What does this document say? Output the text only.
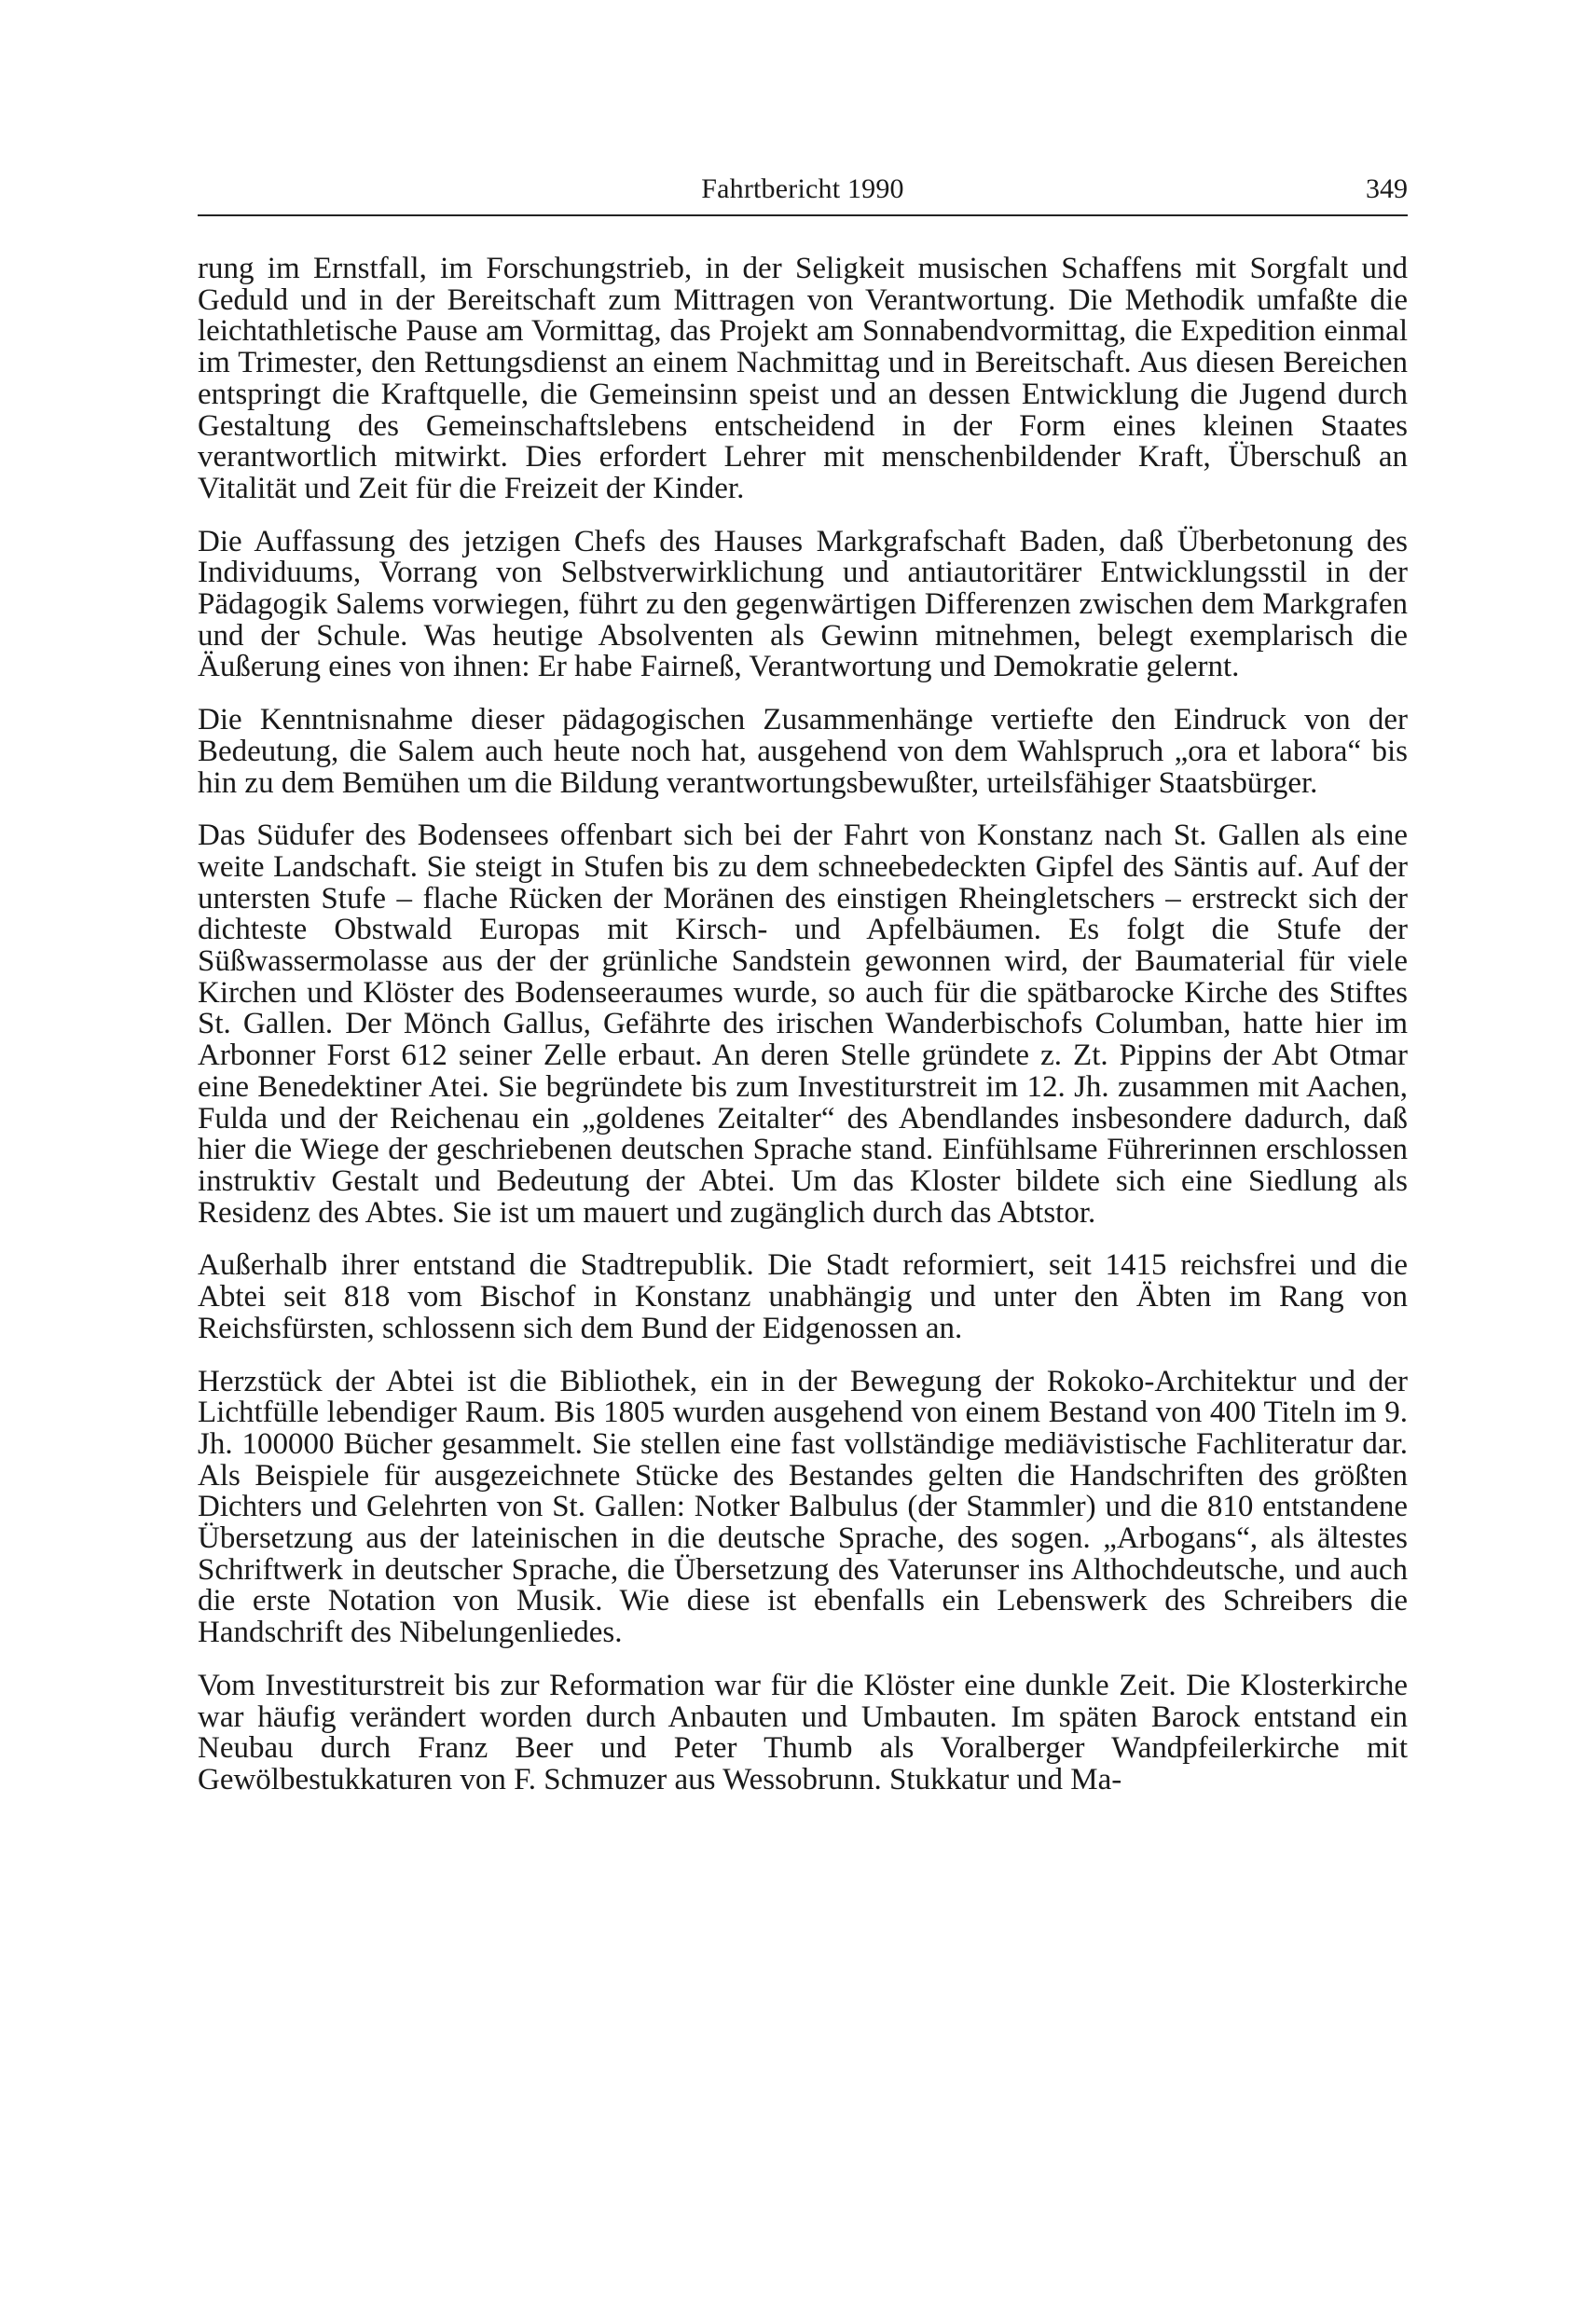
Fahrtbericht 1990	349

rung im Ernstfall, im Forschungstrieb, in der Seligkeit musischen Schaffens mit Sorgfalt und Geduld und in der Bereitschaft zum Mittragen von Verantwortung. Die Methodik umfaßte die leichtathletische Pause am Vormittag, das Projekt am Sonnabendvormittag, die Expedition einmal im Trimester, den Rettungsdienst an einem Nachmittag und in Bereitschaft. Aus diesen Bereichen entspringt die Kraftquelle, die Gemeinsinn speist und an dessen Entwicklung die Jugend durch Gestaltung des Gemeinschaftslebens entscheidend in der Form eines kleinen Staates verantwortlich mitwirkt. Dies erfordert Lehrer mit menschenbildender Kraft, Überschuß an Vitalität und Zeit für die Freizeit der Kinder.

Die Auffassung des jetzigen Chefs des Hauses Markgrafschaft Baden, daß Überbetonung des Individuums, Vorrang von Selbstverwirklichung und antiautoritärer Entwicklungsstil in der Pädagogik Salems vorwiegen, führt zu den gegenwärtigen Differenzen zwischen dem Markgrafen und der Schule. Was heutige Absolventen als Gewinn mitnehmen, belegt exemplarisch die Äußerung eines von ihnen: Er habe Fairneß, Verantwortung und Demokratie gelernt.

Die Kenntnisnahme dieser pädagogischen Zusammenhänge vertiefte den Eindruck von der Bedeutung, die Salem auch heute noch hat, ausgehend von dem Wahlspruch „ora et labora“ bis hin zu dem Bemühen um die Bildung verantwortungsbewußter, urteilsfähiger Staatsbürger.

Das Südufer des Bodensees offenbart sich bei der Fahrt von Konstanz nach St. Gallen als eine weite Landschaft. Sie steigt in Stufen bis zu dem schneebedeckten Gipfel des Säntis auf. Auf der untersten Stufe – flache Rücken der Moränen des einstigen Rheingletschers – erstreckt sich der dichteste Obstwald Europas mit Kirsch- und Apfelbäumen. Es folgt die Stufe der Süßwassermolasse aus der der grünliche Sandstein gewonnen wird, der Baumaterial für viele Kirchen und Klöster des Bodenseeraumes wurde, so auch für die spätbarocke Kirche des Stiftes St. Gallen. Der Mönch Gallus, Gefährte des irischen Wanderbischofs Columban, hatte hier im Arbonner Forst 612 seiner Zelle erbaut. An deren Stelle gründete z. Zt. Pippins der Abt Otmar eine Benedektiner Atei. Sie begründete bis zum Investiturstreit im 12. Jh. zusammen mit Aachen, Fulda und der Reichenau ein „goldenes Zeitalter“ des Abendlandes insbesondere dadurch, daß hier die Wiege der geschriebenen deutschen Sprache stand. Einfühlsame Führerinnen erschlossen instruktiv Gestalt und Bedeutung der Abtei. Um das Kloster bildete sich eine Siedlung als Residenz des Abtes. Sie ist um mauert und zugänglich durch das Abtstor.

Außerhalb ihrer entstand die Stadtrepublik. Die Stadt reformiert, seit 1415 reichsfrei und die Abtei seit 818 vom Bischof in Konstanz unabhängig und unter den Äbten im Rang von Reichsfürsten, schlossenn sich dem Bund der Eidgenossen an.

Herzstück der Abtei ist die Bibliothek, ein in der Bewegung der Rokoko-Architektur und der Lichtfülle lebendiger Raum. Bis 1805 wurden ausgehend von einem Bestand von 400 Titeln im 9. Jh. 100000 Bücher gesammelt. Sie stellen eine fast vollständige mediävistische Fachliteratur dar. Als Beispiele für ausgezeichnete Stücke des Bestandes gelten die Handschriften des größten Dichters und Gelehrten von St. Gallen: Notker Balbulus (der Stammler) und die 810 entstandene Übersetzung aus der lateinischen in die deutsche Sprache, des sogen. „Arbogans“, als ältestes Schriftwerk in deutscher Sprache, die Übersetzung des Vaterunser ins Althochdeutsche, und auch die erste Notation von Musik. Wie diese ist ebenfalls ein Lebenswerk des Schreibers die Handschrift des Nibelungenliedes.

Vom Investiturstreit bis zur Reformation war für die Klöster eine dunkle Zeit. Die Klosterkirche war häufig verändert worden durch Anbauten und Umbauten. Im späten Barock entstand ein Neubau durch Franz Beer und Peter Thumb als Voralberger Wandpfeilerkirche mit Gewölbestukkaturen von F. Schmuzer aus Wessobrunn. Stukkatur und Ma-
